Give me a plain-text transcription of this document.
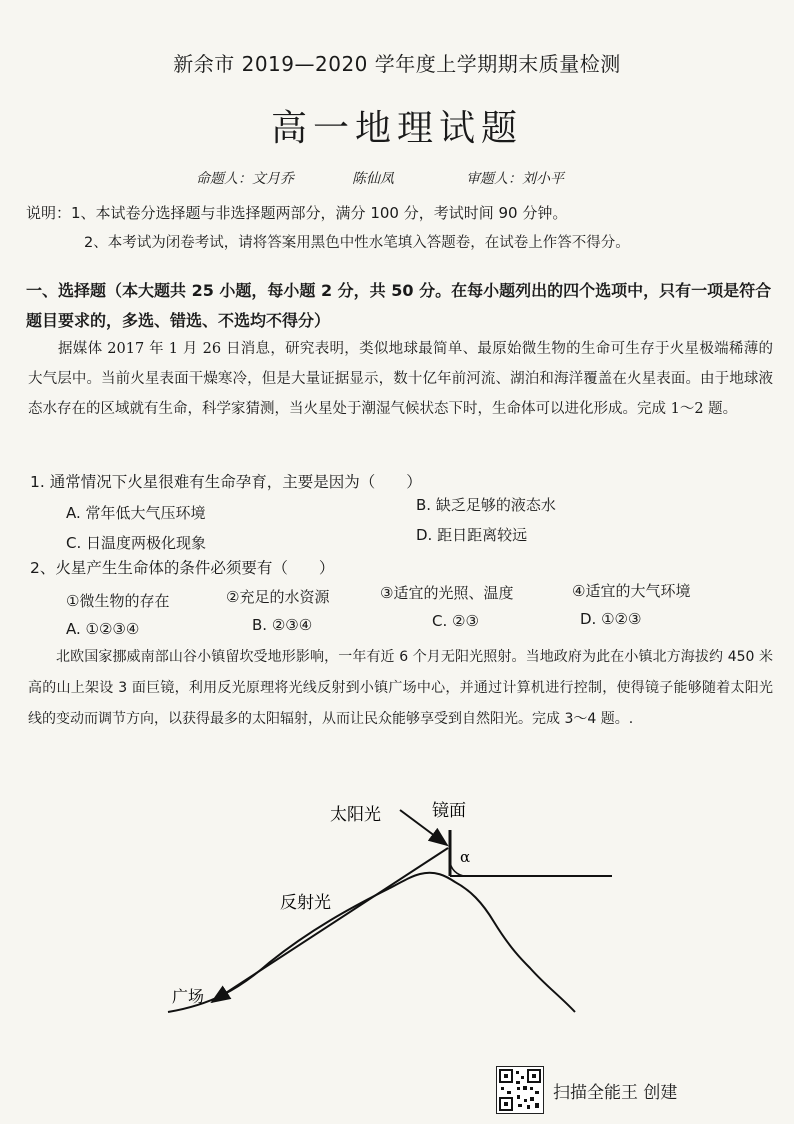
新余市 2019—2020 学年度上学期期末质量检测
高一地理试题
命题人：文月乔	陈仙凤	审题人：刘小平
说明：1、本试卷分选择题与非选择题两部分，满分 100 分，考试时间 90 分钟。
2、本考试为闭卷考试，请将答案用黑色中性水笔填入答题卷，在试卷上作答不得分。
一、选择题（本大题共 25 小题，每小题 2 分，共 50 分。在每小题列出的四个选项中，只有一项是符合题目要求的，多选、错选、不选均不得分）
据媒体 2017 年 1 月 26 日消息，研究表明，类似地球最简单、最原始微生物的生命可生存于火星极端稀薄的大气层中。当前火星表面干燥寒冷，但是大量证据显示，数十亿年前河流、湖泊和海洋覆盖在火星表面。由于地球液态水存在的区域就有生命，科学家猜测，当火星处于潮湿气候状态下时，生命体可以进化形成。完成 1～2 题。
1. 通常情况下火星很难有生命孕育，主要是因为（　　）
A. 常年低大气压环境	B. 缺乏足够的液态水
C. 日温度两极化现象	D. 距日距离较远
2、火星产生生命体的条件必须要有（　　）
①微生物的存在	②充足的水资源	③适宜的光照、温度	④适宜的大气环境
A. ①②③④	B. ②③④	C. ②③	D. ①②③
北欧国家挪威南部山谷小镇留坎受地形影响，一年有近 6 个月无阳光照射。当地政府为此在小镇北方海拔约 450 米高的山上架设 3 面巨镜，利用反光原理将光线反射到小镇广场中心，并通过计算机进行控制，使得镜子能够随着太阳光线的变动而调节方向，以获得最多的太阳辐射，从而让民众能够享受到自然阳光。完成 3～4 题。.
太阳光	镜面
α
反射光
广场
扫描全能王 创建
